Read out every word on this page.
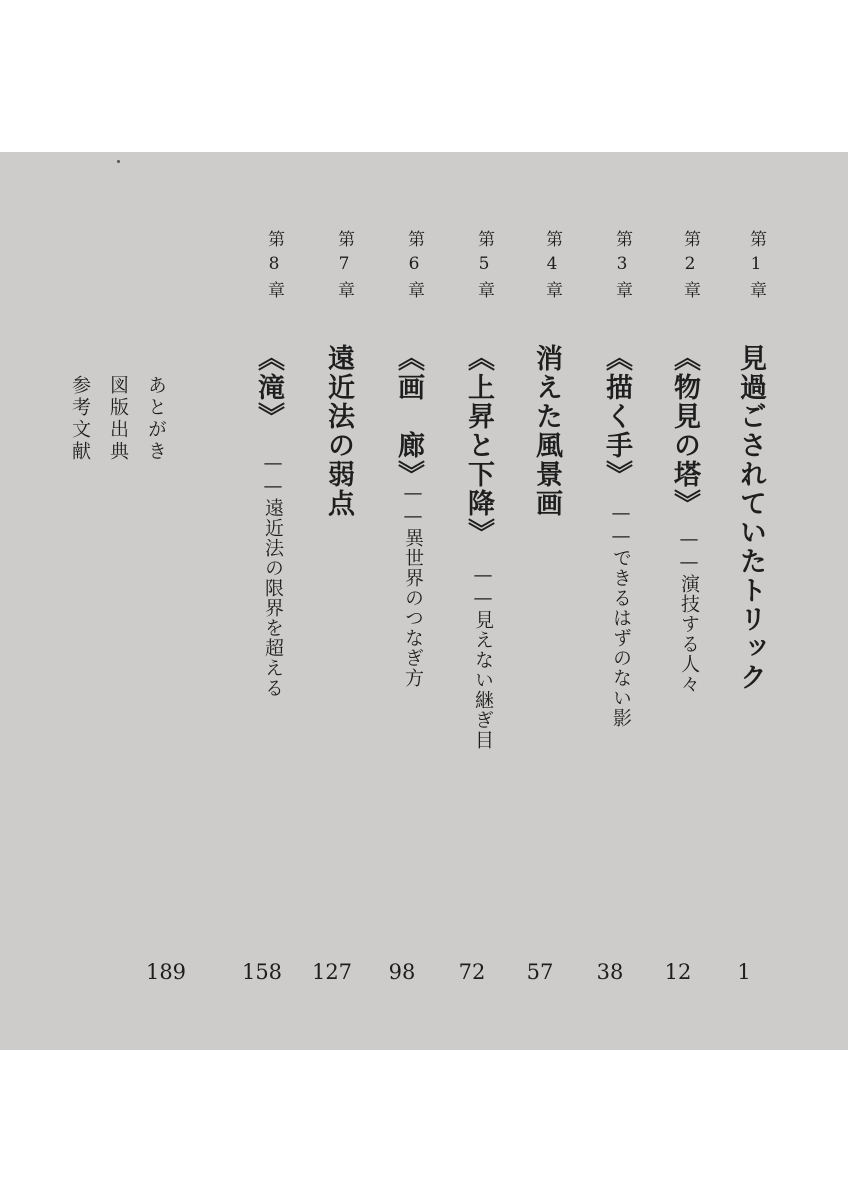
第1章
見過ごされていたトリック
1
第2章
《物見の塔》
——演技する人々
12
第3章
《描く手》
——できるはずのない影
38
第4章
消えた風景画
57
第5章
《上昇と下降》
——見えない継ぎ目
72
第6章
《画　廊》
——異世界のつなぎ方
98
第7章
遠近法の弱点
127
第8章
《滝》
——遠近法の限界を超える
158
あとがき
189
図版出典
参考文献
